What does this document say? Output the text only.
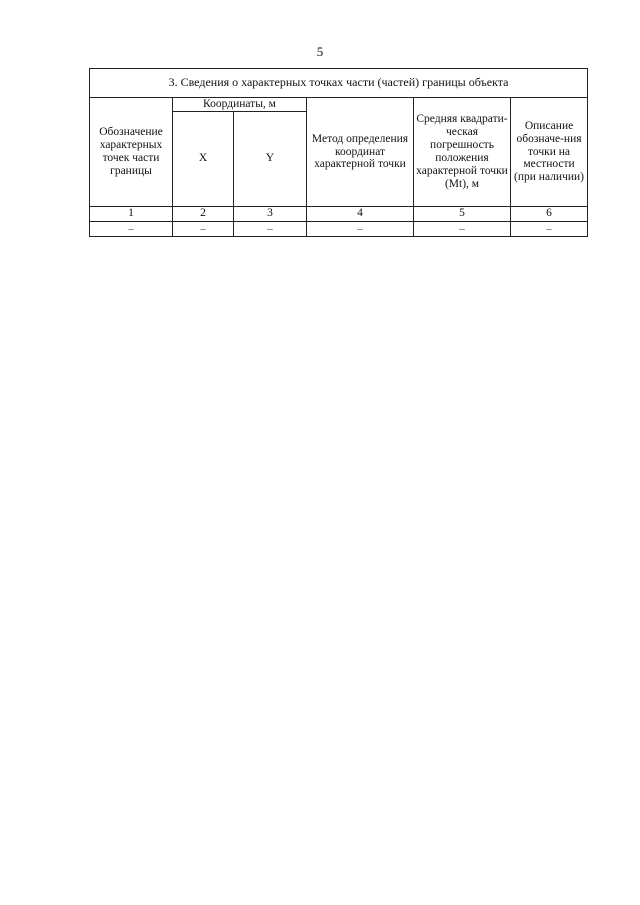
5
3. Сведения о характерных точках части (частей) границы объекта					
Обозначение характерных точек части границы	Координаты, м		Метод определения координат характерной точки	Средняя квадрати-ческая погрешность положения характерной точки (Mt), м	Описание обозначе-ния точки на местности (при наличии)
	X	Y			
1	2	3	4	5	6
–	–	–	–	–	–
